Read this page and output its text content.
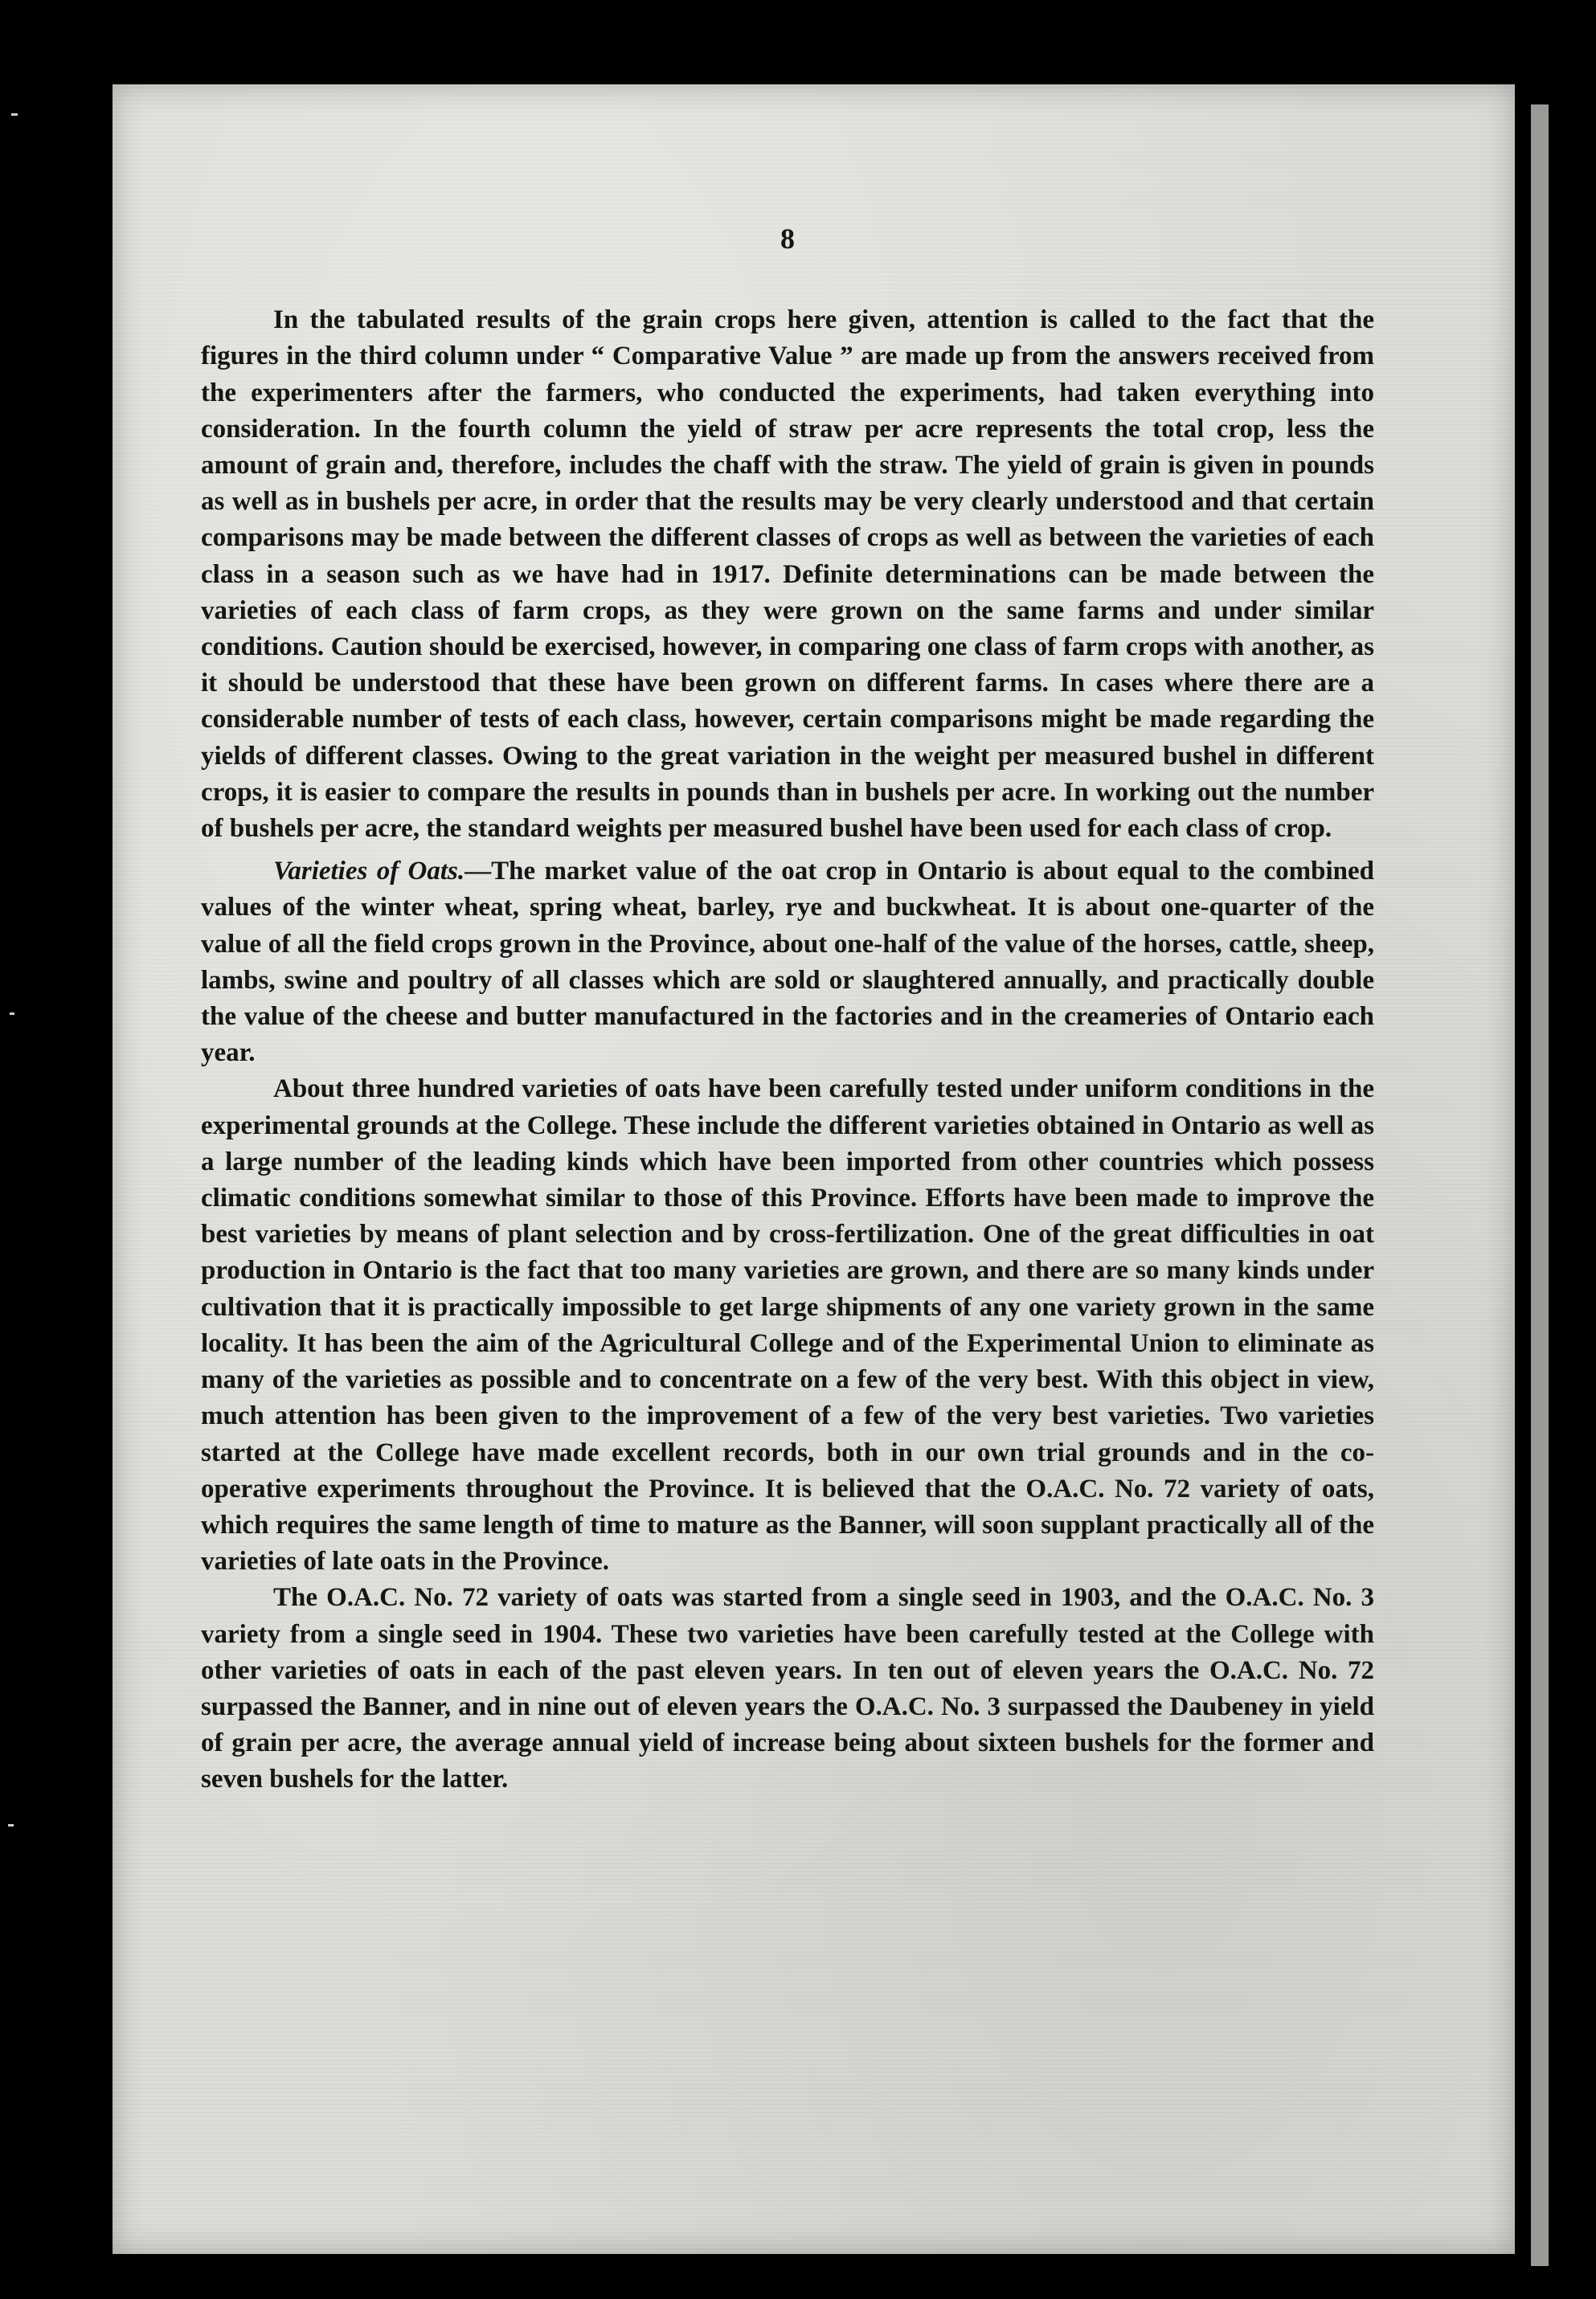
8

In the tabulated results of the grain crops here given, attention is called to the fact that the figures in the third column under “ Comparative Value ” are made up from the answers received from the experimenters after the farmers, who conducted the experiments, had taken everything into consideration. In the fourth column the yield of straw per acre represents the total crop, less the amount of grain and, therefore, includes the chaff with the straw. The yield of grain is given in pounds as well as in bushels per acre, in order that the results may be very clearly understood and that certain comparisons may be made between the different classes of crops as well as between the varieties of each class in a season such as we have had in 1917. Definite determinations can be made between the varieties of each class of farm crops, as they were grown on the same farms and under similar conditions. Caution should be exercised, however, in comparing one class of farm crops with another, as it should be understood that these have been grown on different farms. In cases where there are a considerable number of tests of each class, however, certain comparisons might be made regarding the yields of different classes. Owing to the great variation in the weight per measured bushel in different crops, it is easier to compare the results in pounds than in bushels per acre. In working out the number of bushels per acre, the standard weights per measured bushel have been used for each class of crop.

Varieties of Oats.—The market value of the oat crop in Ontario is about equal to the combined values of the winter wheat, spring wheat, barley, rye and buckwheat. It is about one-quarter of the value of all the field crops grown in the Province, about one-half of the value of the horses, cattle, sheep, lambs, swine and poultry of all classes which are sold or slaughtered annually, and practically double the value of the cheese and butter manufactured in the factories and in the creameries of Ontario each year.

About three hundred varieties of oats have been carefully tested under uniform conditions in the experimental grounds at the College. These include the different varieties obtained in Ontario as well as a large number of the leading kinds which have been imported from other countries which possess climatic conditions somewhat similar to those of this Province. Efforts have been made to improve the best varieties by means of plant selection and by cross-fertilization. One of the great difficulties in oat production in Ontario is the fact that too many varieties are grown, and there are so many kinds under cultivation that it is practically impossible to get large shipments of any one variety grown in the same locality. It has been the aim of the Agricultural College and of the Experimental Union to eliminate as many of the varieties as possible and to concentrate on a few of the very best. With this object in view, much attention has been given to the improvement of a few of the very best varieties. Two varieties started at the College have made excellent records, both in our own trial grounds and in the co-operative experiments throughout the Province. It is believed that the O.A.C. No. 72 variety of oats, which requires the same length of time to mature as the Banner, will soon supplant practically all of the varieties of late oats in the Province.

The O.A.C. No. 72 variety of oats was started from a single seed in 1903, and the O.A.C. No. 3 variety from a single seed in 1904. These two varieties have been carefully tested at the College with other varieties of oats in each of the past eleven years. In ten out of eleven years the O.A.C. No. 72 surpassed the Banner, and in nine out of eleven years the O.A.C. No. 3 surpassed the Daubeney in yield of grain per acre, the average annual yield of increase being about sixteen bushels for the former and seven bushels for the latter.
